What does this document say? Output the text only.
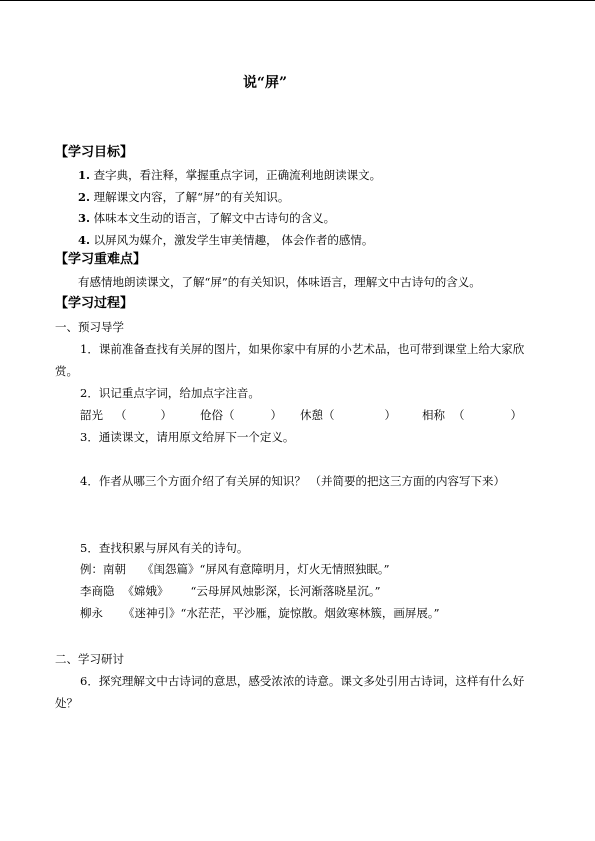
说“屏”
【学习目标】
1. 查字典，看注释，掌握重点字词，正确流利地朗读课文。
2. 理解课文内容，了解“屏”的有关知识。
3. 体味本文生动的语言，了解文中古诗句的含义。
4. 以屏风为媒介，激发学生审美情趣， 体会作者的感情。
【学习重难点】
有感情地朗读课文，了解“屏”的有关知识，体味语言，理解文中古诗句的含义。
【学习过程】
一、预习导学
1．课前准备查找有关屏的图片，如果你家中有屏的小艺术品，也可带到课堂上给大家欣
赏。
2．识记重点字词，给加点字注音。
韶光 （	） 伧俗（	） 休憩（	） 相称 （	）
3．通读课文，请用原文给屏下一个定义。
4．作者从哪三个方面介绍了有关屏的知识？ （并简要的把这三方面的内容写下来）
5．查找积累与屏风有关的诗句。
例：南朝 《闺怨篇》“屏风有意障明月，灯火无情照独眠。”
李商隐 《嫦娥》 “云母屏风烛影深，长河渐落晓星沉。”
柳永 《迷神引》“水茫茫，平沙雁，旋惊散。烟敛寒林簇，画屏展。”
二、学习研讨
6．探究理解文中古诗词的意思，感受浓浓的诗意。课文多处引用古诗词，这样有什么好
处？
